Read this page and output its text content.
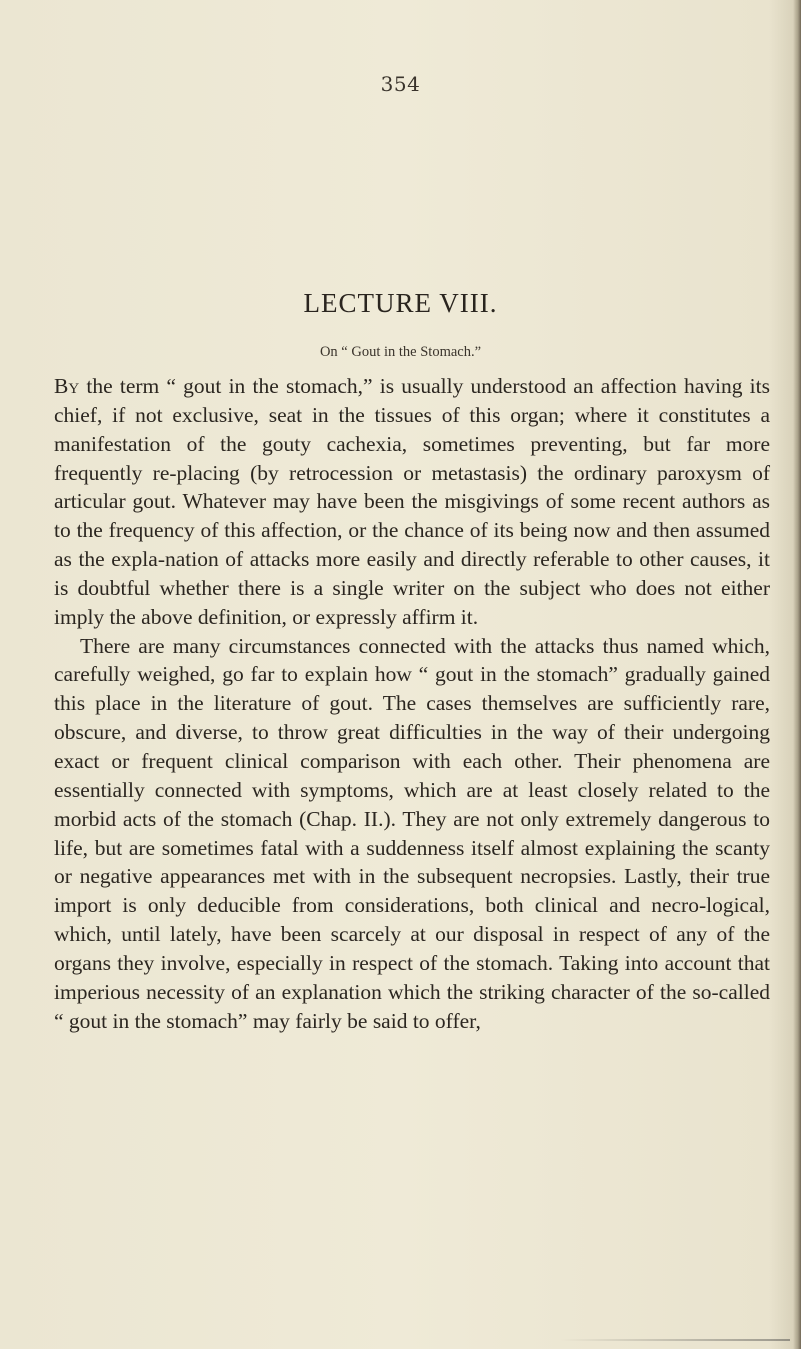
354
LECTURE VIII.
On “ Gout in the Stomach.”

By the term “ gout in the stomach,” is usually understood an affection having its chief, if not exclusive, seat in the tissues of this organ; where it constitutes a manifestation of the gouty cachexia, sometimes preventing, but far more frequently re-placing (by retrocession or metastasis) the ordinary paroxysm of articular gout. Whatever may have been the misgivings of some recent authors as to the frequency of this affection, or the chance of its being now and then assumed as the expla-nation of attacks more easily and directly referable to other causes, it is doubtful whether there is a single writer on the subject who does not either imply the above definition, or expressly affirm it.

There are many circumstances connected with the attacks thus named which, carefully weighed, go far to explain how “ gout in the stomach” gradually gained this place in the literature of gout. The cases themselves are sufficiently rare, obscure, and diverse, to throw great difficulties in the way of their undergoing exact or frequent clinical comparison with each other. Their phenomena are essentially connected with symptoms, which are at least closely related to the morbid acts of the stomach (Chap. II.). They are not only extremely dangerous to life, but are sometimes fatal with a suddenness itself almost explaining the scanty or negative appearances met with in the subsequent necropsies. Lastly, their true import is only deducible from considerations, both clinical and necro-logical, which, until lately, have been scarcely at our disposal in respect of any of the organs they involve, especially in respect of the stomach. Taking into account that imperious necessity of an explanation which the striking character of the so-called “ gout in the stomach” may fairly be said to offer,
